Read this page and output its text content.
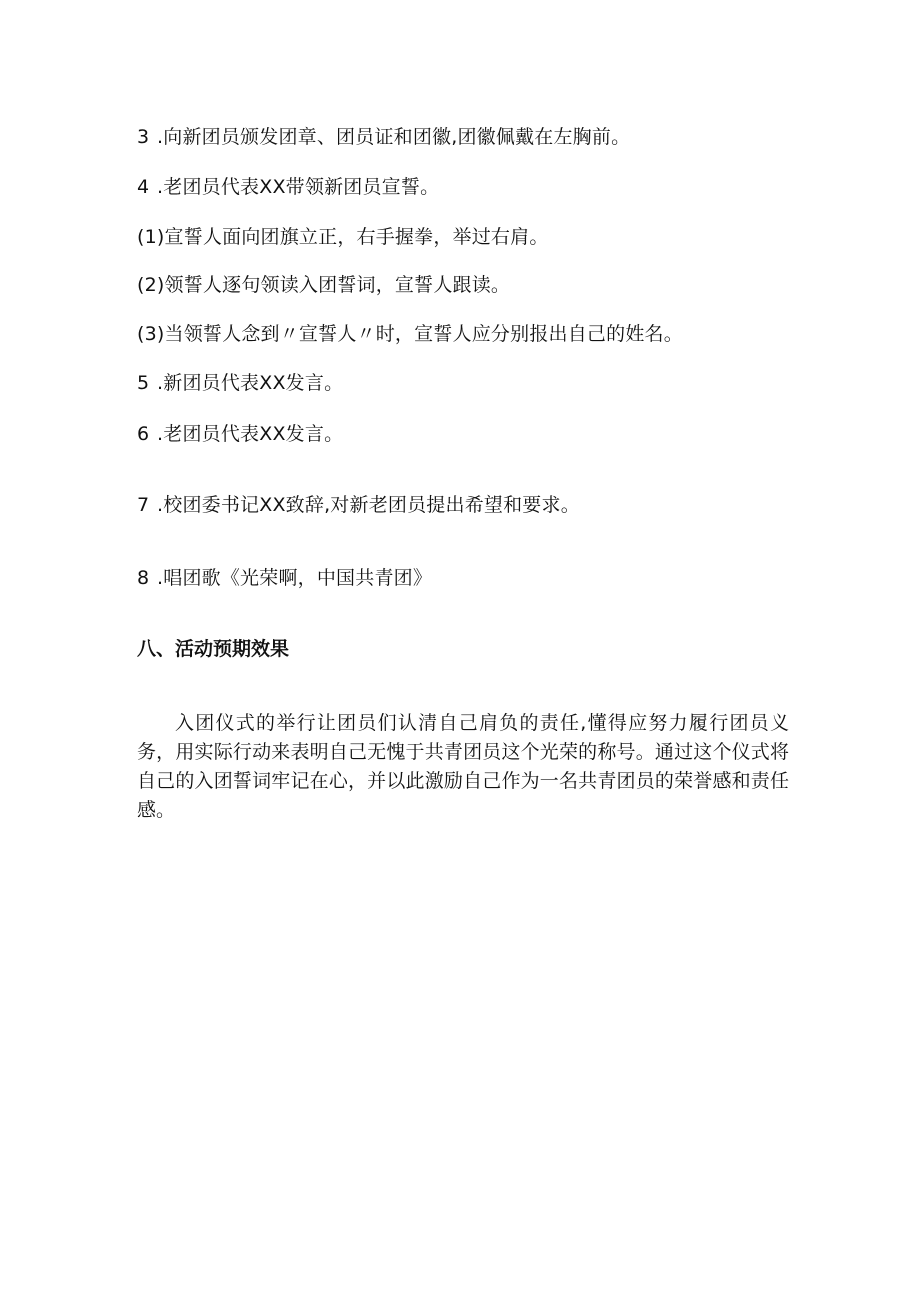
3 .向新团员颁发团章、团员证和团徽,团徽佩戴在左胸前。
4 .老团员代表XX带领新团员宣誓。
(1)宣誓人面向团旗立正，右手握拳，举过右肩。
(2)领誓人逐句领读入团誓词，宣誓人跟读。
(3)当领誓人念到〃宣誓人〃时，宣誓人应分别报出自己的姓名。
5 .新团员代表XX发言。
6 .老团员代表XX发言。
7 .校团委书记XX致辞,对新老团员提出希望和要求。
8 .唱团歌《光荣啊，中国共青团》
八、活动预期效果
入团仪式的举行让团员们认清自己肩负的责任,懂得应努力履行团员义务，用实际行动来表明自己无愧于共青团员这个光荣的称号。通过这个仪式将自己的入团誓词牢记在心，并以此激励自己作为一名共青团员的荣誉感和责任感。
